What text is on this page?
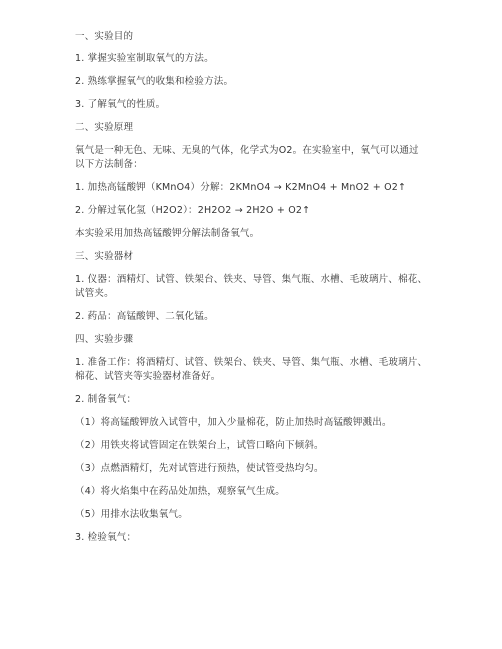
一、实验目的
1. 掌握实验室制取氧气的方法。
2. 熟练掌握氧气的收集和检验方法。
3. 了解氧气的性质。
二、实验原理
氧气是一种无色、无味、无臭的气体，化学式为O2。在实验室中，氧气可以通过
以下方法制备：
1. 加热高锰酸钾（KMnO4）分解：2KMnO4 → K2MnO4 + MnO2 + O2↑
2. 分解过氧化氢（H2O2）：2H2O2 → 2H2O + O2↑
本实验采用加热高锰酸钾分解法制备氧气。
三、实验器材
1. 仪器：酒精灯、试管、铁架台、铁夹、导管、集气瓶、水槽、毛玻璃片、棉花、
试管夹。
2. 药品：高锰酸钾、二氧化锰。
四、实验步骤
1. 准备工作：将酒精灯、试管、铁架台、铁夹、导管、集气瓶、水槽、毛玻璃片、
棉花、试管夹等实验器材准备好。
2. 制备氧气：
（1）将高锰酸钾放入试管中，加入少量棉花，防止加热时高锰酸钾溅出。
（2）用铁夹将试管固定在铁架台上，试管口略向下倾斜。
（3）点燃酒精灯，先对试管进行预热，使试管受热均匀。
（4）将火焰集中在药品处加热，观察氧气生成。
（5）用排水法收集氧气。
3. 检验氧气：
